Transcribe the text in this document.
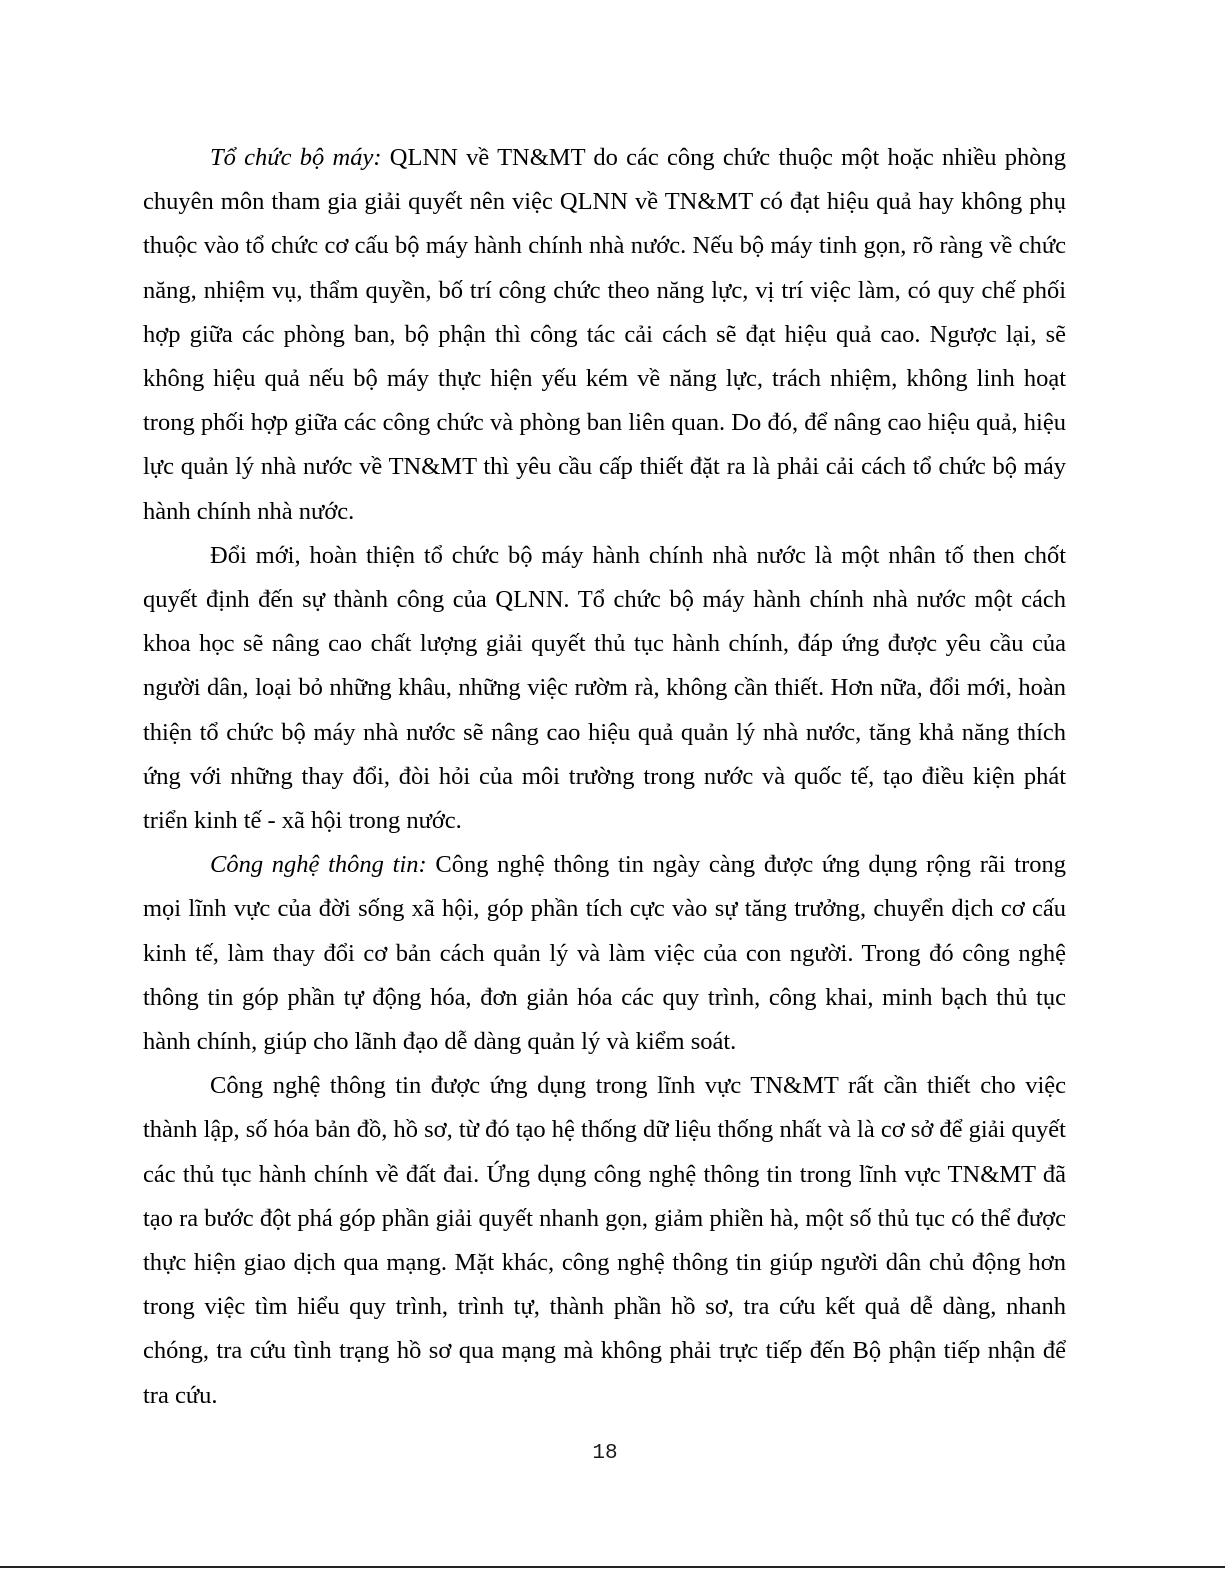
Tổ chức bộ máy: QLNN về TN&MT do các công chức thuộc một hoặc nhiều phòng chuyên môn tham gia giải quyết nên việc QLNN về TN&MT có đạt hiệu quả hay không phụ thuộc vào tổ chức cơ cấu bộ máy hành chính nhà nước. Nếu bộ máy tinh gọn, rõ ràng về chức năng, nhiệm vụ, thẩm quyền, bố trí công chức theo năng lực, vị trí việc làm, có quy chế phối hợp giữa các phòng ban, bộ phận thì công tác cải cách sẽ đạt hiệu quả cao. Ngược lại, sẽ không hiệu quả nếu bộ máy thực hiện yếu kém về năng lực, trách nhiệm, không linh hoạt trong phối hợp giữa các công chức và phòng ban liên quan. Do đó, để nâng cao hiệu quả, hiệu lực quản lý nhà nước về TN&MT thì yêu cầu cấp thiết đặt ra là phải cải cách tổ chức bộ máy hành chính nhà nước.

Đổi mới, hoàn thiện tổ chức bộ máy hành chính nhà nước là một nhân tố then chốt quyết định đến sự thành công của QLNN. Tổ chức bộ máy hành chính nhà nước một cách khoa học sẽ nâng cao chất lượng giải quyết thủ tục hành chính, đáp ứng được yêu cầu của người dân, loại bỏ những khâu, những việc rườm rà, không cần thiết. Hơn nữa, đổi mới, hoàn thiện tổ chức bộ máy nhà nước sẽ nâng cao hiệu quả quản lý nhà nước, tăng khả năng thích ứng với những thay đổi, đòi hỏi của môi trường trong nước và quốc tế, tạo điều kiện phát triển kinh tế - xã hội trong nước.

Công nghệ thông tin: Công nghệ thông tin ngày càng được ứng dụng rộng rãi trong mọi lĩnh vực của đời sống xã hội, góp phần tích cực vào sự tăng trưởng, chuyển dịch cơ cấu kinh tế, làm thay đổi cơ bản cách quản lý và làm việc của con người. Trong đó công nghệ thông tin góp phần tự động hóa, đơn giản hóa các quy trình, công khai, minh bạch thủ tục hành chính, giúp cho lãnh đạo dễ dàng quản lý và kiểm soát.

Công nghệ thông tin được ứng dụng trong lĩnh vực TN&MT rất cần thiết cho việc thành lập, số hóa bản đồ, hồ sơ, từ đó tạo hệ thống dữ liệu thống nhất và là cơ sở để giải quyết các thủ tục hành chính về đất đai. Ứng dụng công nghệ thông tin trong lĩnh vực TN&MT đã tạo ra bước đột phá góp phần giải quyết nhanh gọn, giảm phiền hà, một số thủ tục có thể được thực hiện giao dịch qua mạng. Mặt khác, công nghệ thông tin giúp người dân chủ động hơn trong việc tìm hiểu quy trình, trình tự, thành phần hồ sơ, tra cứu kết quả dễ dàng, nhanh chóng, tra cứu tình trạng hồ sơ qua mạng mà không phải trực tiếp đến Bộ phận tiếp nhận để tra cứu.

18
